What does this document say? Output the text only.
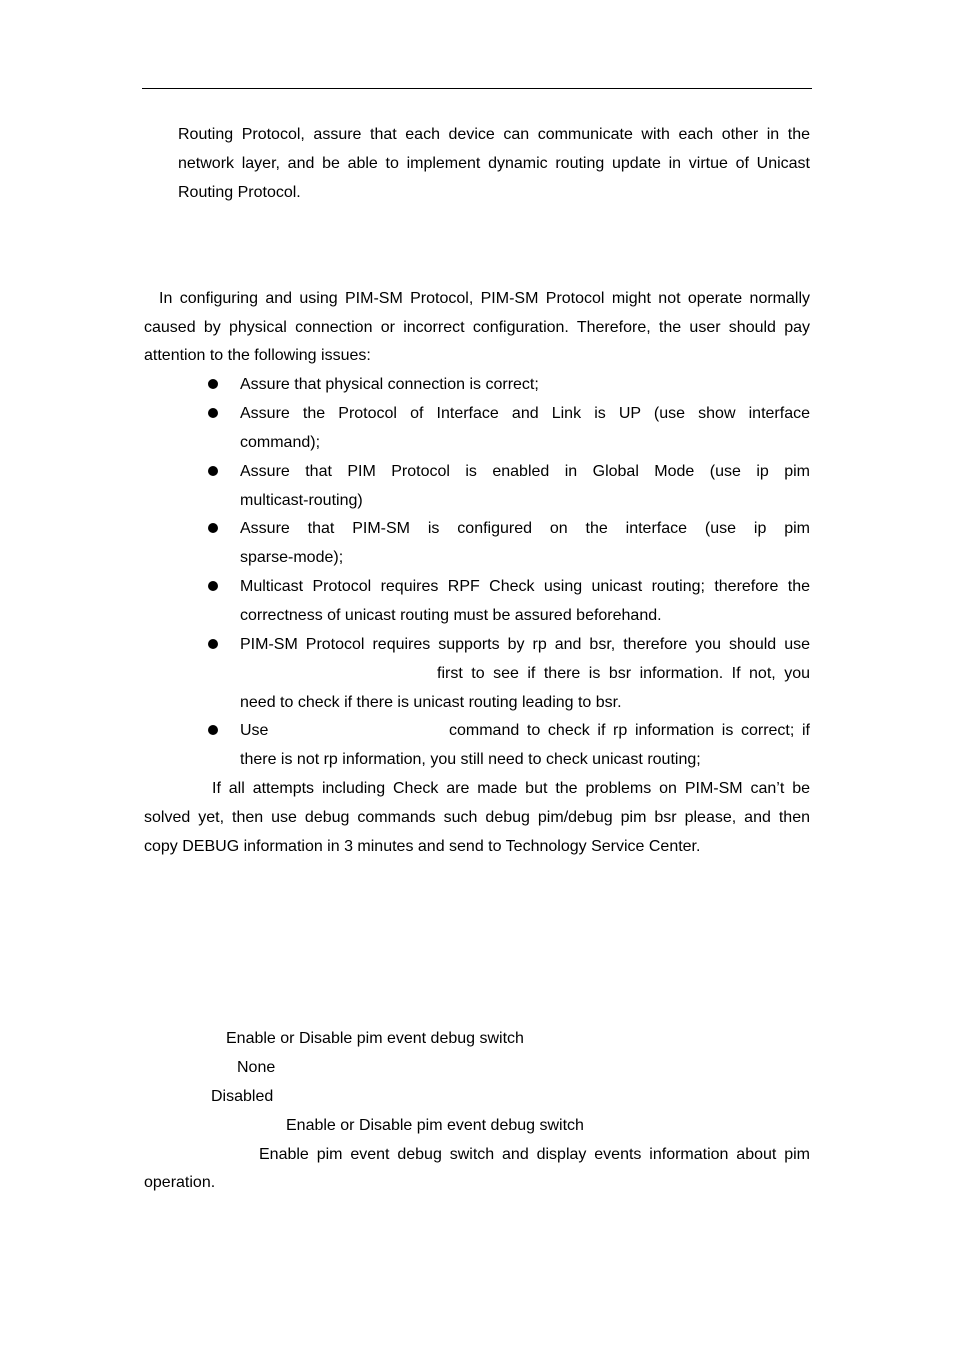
Routing Protocol, assure that each device can communicate with each other in the
network layer, and be able to implement dynamic routing update in virtue of Unicast
Routing Protocol.
In configuring and using PIM-SM Protocol, PIM-SM Protocol might not operate normally
caused by physical connection or incorrect configuration. Therefore, the user should pay
attention to the following issues:
Assure that physical connection is correct;
Assure the Protocol of Interface and Link is UP (use show interface
command);
Assure that PIM Protocol is enabled in Global Mode (use ip pim
multicast-routing)
Assure that PIM-SM is configured on the interface (use ip pim
sparse-mode);
Multicast Protocol requires RPF Check using unicast routing; therefore the
correctness of unicast routing must be assured beforehand.
PIM-SM Protocol requires supports by rp and bsr, therefore you should use
first to see if there is bsr information. If not, you
need to check if there is unicast routing leading to bsr.
Use	command to check if rp information is correct; if
there is not rp information, you still need to check unicast routing;
If all attempts including Check are made but the problems on PIM-SM can’t be
solved yet, then use debug commands such debug pim/debug pim bsr please, and then
copy DEBUG information in 3 minutes and send to Technology Service Center.
Enable or Disable pim event debug switch
None
Disabled
Enable or Disable pim event debug switch
Enable pim event debug switch and display events information about pim
operation.
